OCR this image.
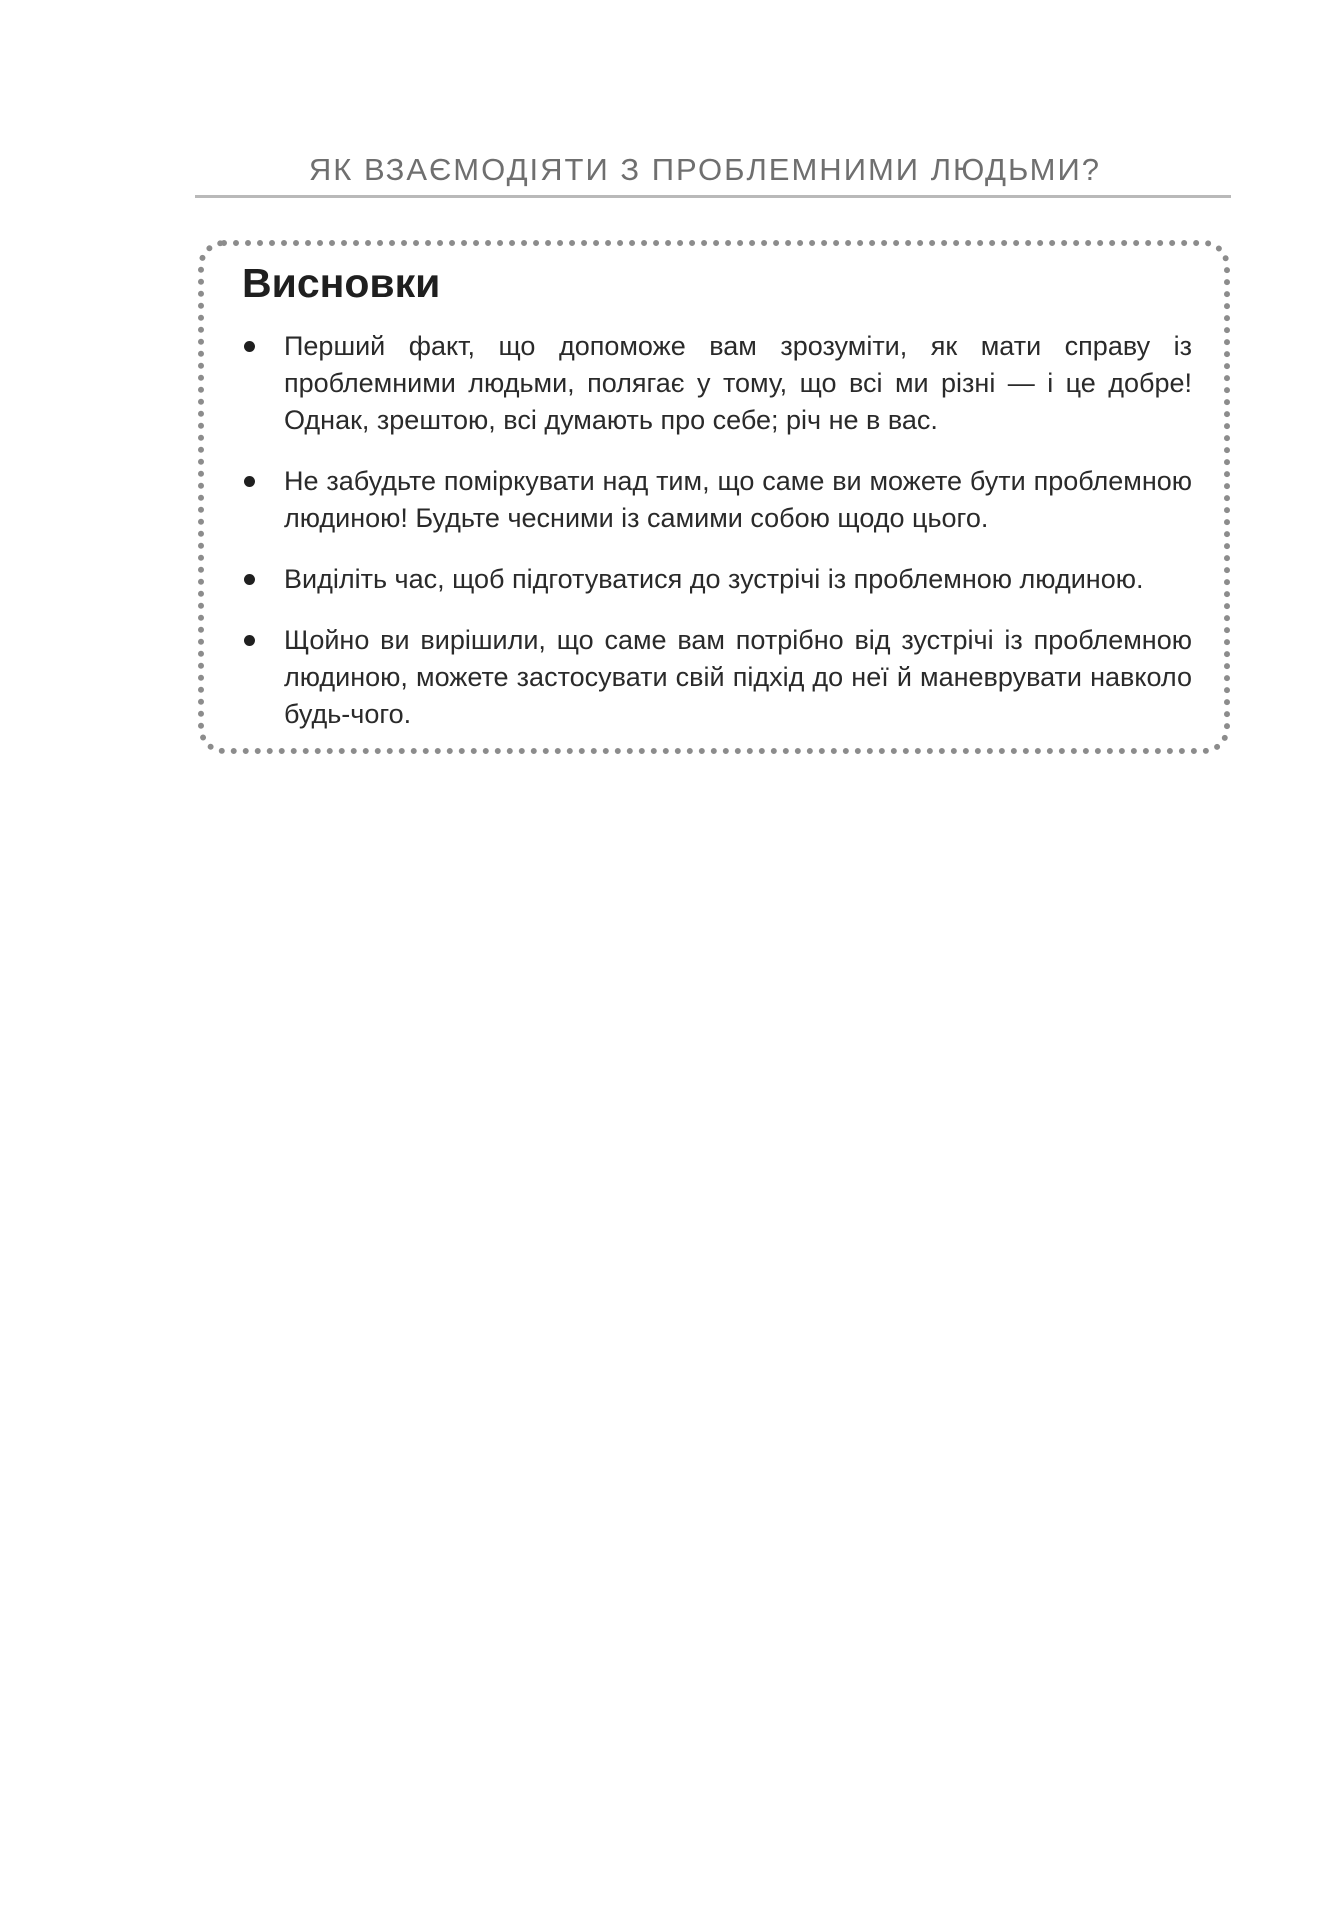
ЯК ВЗАЄМОДІЯТИ З ПРОБЛЕМНИМИ ЛЮДЬМИ?
Висновки
Перший факт, що допоможе вам зрозуміти, як мати справу із проблемними людьми, полягає у тому, що всі ми різні — і це добре! Однак, зрештою, всі думають про себе; річ не в вас.
Не забудьте поміркувати над тим, що саме ви можете бути проблемною людиною! Будьте чесними із самими собою щодо цього.
Виділіть час, щоб підготуватися до зустрічі із проблемною людиною.
Щойно ви вирішили, що саме вам потрібно від зустрічі із проблемною людиною, можете застосувати свій підхід до неї й маневрувати навколо будь-чого.
